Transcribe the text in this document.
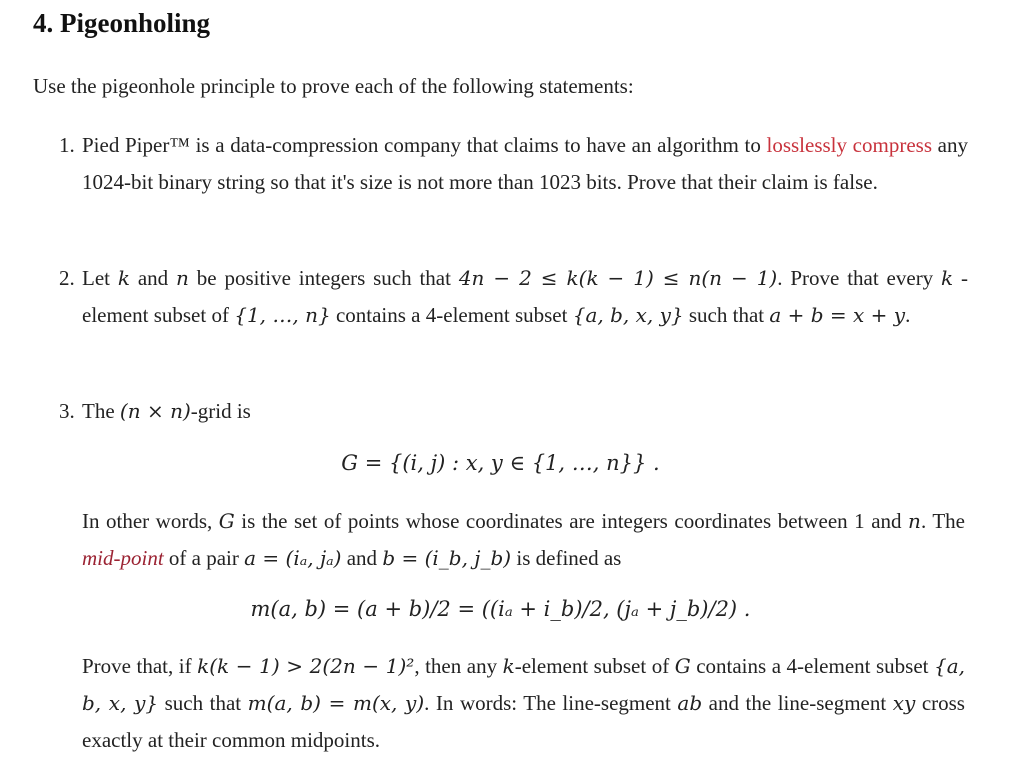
4. Pigeonholing
Use the pigeonhole principle to prove each of the following statements:
1. Pied Piper™ is a data-compression company that claims to have an algorithm to losslessly compress any 1024-bit binary string so that it's size is not more than 1023 bits. Prove that their claim is false.
2. Let k and n be positive integers such that 4n − 2 ≤ k(k − 1) ≤ n(n − 1). Prove that every k -element subset of {1, …, n} contains a 4-element subset {a, b, x, y} such that a + b = x + y.
3. The (n × n)-grid is
G = {(i, j) : x, y ∈ {1, …, n}} .
In other words, G is the set of points whose coordinates are integers coordinates between 1 and n. The mid-point of a pair a = (iₐ, jₐ) and b = (i_b, j_b) is defined as
m(a, b) = (a + b)/2 = ((iₐ + i_b)/2, (jₐ + j_b)/2) .
Prove that, if k(k − 1) > 2(2n − 1)², then any k-element subset of G contains a 4-element subset {a, b, x, y} such that m(a, b) = m(x, y). In words: The line-segment ab and the line-segment xy cross exactly at their common midpoints.
